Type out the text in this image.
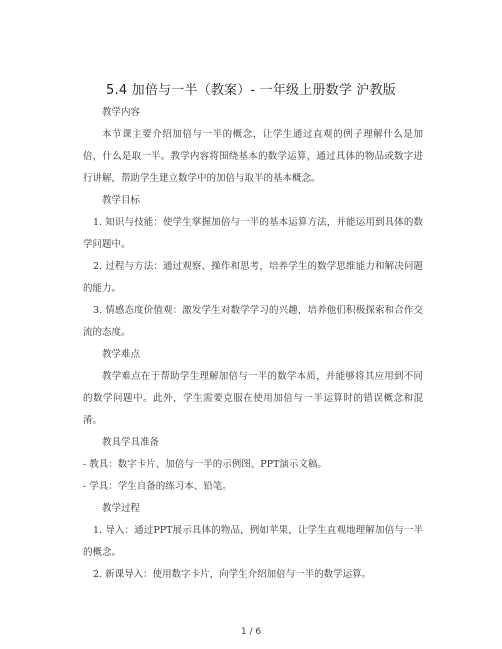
5.4 加倍与一半（教案）- 一年级上册数学 沪教版

教学内容

本节课主要介绍加倍与一半的概念，让学生通过直观的例子理解什么是加倍，什么是取一半。教学内容将围绕基本的数学运算，通过具体的物品或数字进行讲解，帮助学生建立数学中的加倍与取半的基本概念。

教学目标

1. 知识与技能：使学生掌握加倍与一半的基本运算方法，并能运用到具体的数学问题中。

2. 过程与方法：通过观察、操作和思考，培养学生的数学思维能力和解决问题的能力。

3. 情感态度价值观：激发学生对数学学习的兴趣，培养他们积极探索和合作交流的态度。

教学难点

教学难点在于帮助学生理解加倍与一半的数学本质，并能够将其应用到不同的数学问题中。此外，学生需要克服在使用加倍与一半运算时的错误概念和混淆。

教具学具准备

- 教具：数字卡片、加倍与一半的示例图、PPT演示文稿。

- 学具：学生自备的练习本、铅笔。

教学过程

1. 导入：通过PPT展示具体的物品，例如苹果，让学生直观地理解加倍与一半的概念。

2. 新课导入：使用数字卡片，向学生介绍加倍与一半的数学运算。

1 / 6
